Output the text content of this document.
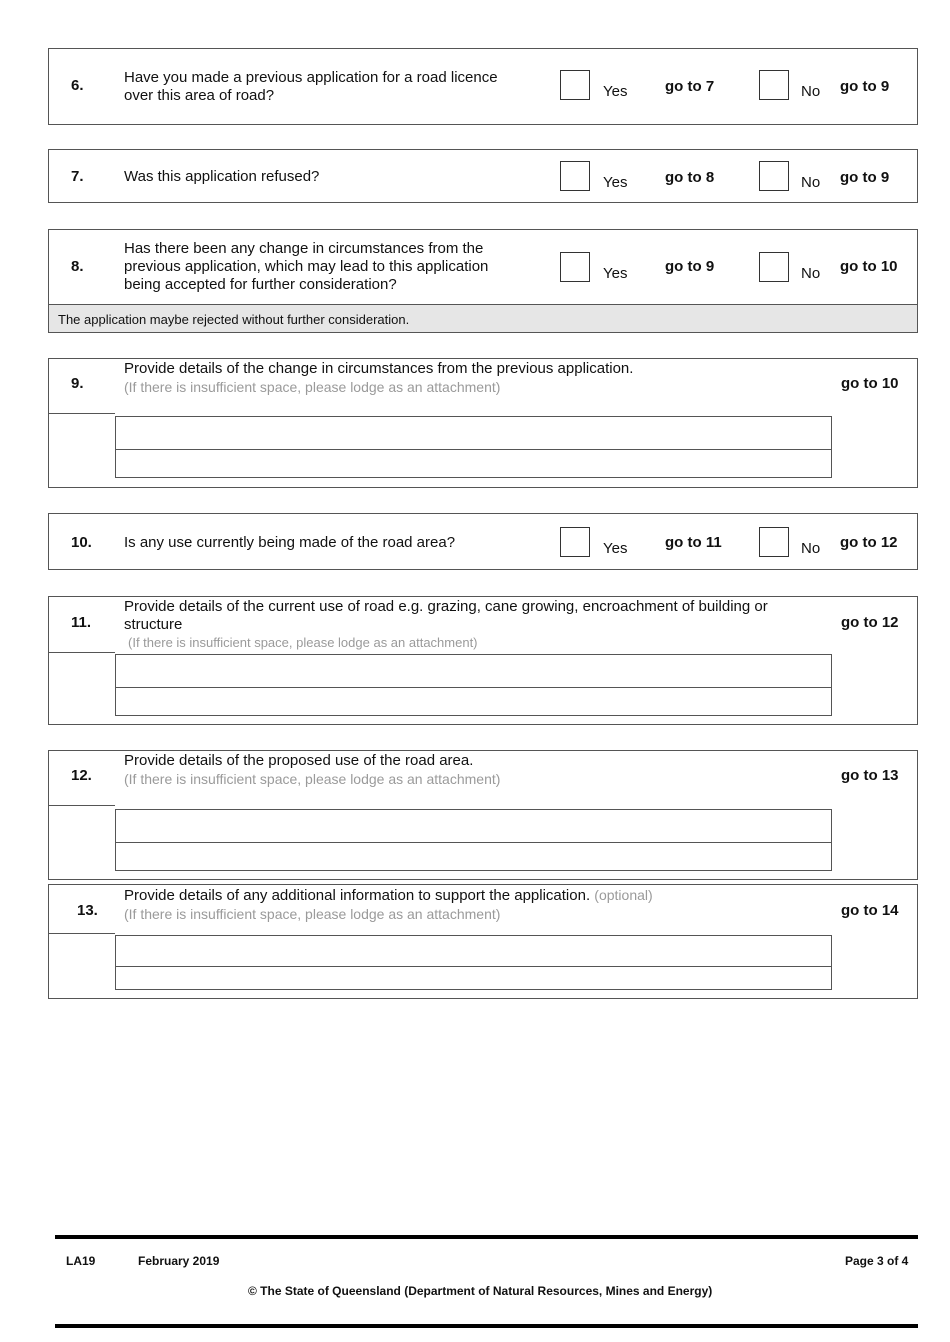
6.	Have you made a previous application for a road licence
over this area of road?	Yes	go to 7	No go to 9
7.	Was this application refused?	Yes	go to 8	No go to 9
8.
Has there been any change in circumstances from the
previous application, which may lead to this application
being accepted for further consideration?
Yes	go to 9	No go to 10
The application maybe rejected without further consideration.
9.
Provide details of the change in circumstances from the previous application.
(If there is insufficient space, please lodge as an attachment)	go to 10
10. Is any use currently being made of the road area?	Yes	go to 11	No go to 12
11.
Provide details of the current use of road e.g. grazing, cane growing, encroachment of building or
structure
(If there is insufficient space, please lodge as an attachment)
go to 12
12.
Provide details of the proposed use of the road area.
(If there is insufficient space, please lodge as an attachment)	go to 13
13.
Provide details of any additional information to support the application. (optional)
(If there is insufficient space, please lodge as an attachment)	go to 14
LA19	February 2019	Page 3 of 4
© The State of Queensland (Department of Natural Resources, Mines and Energy)
